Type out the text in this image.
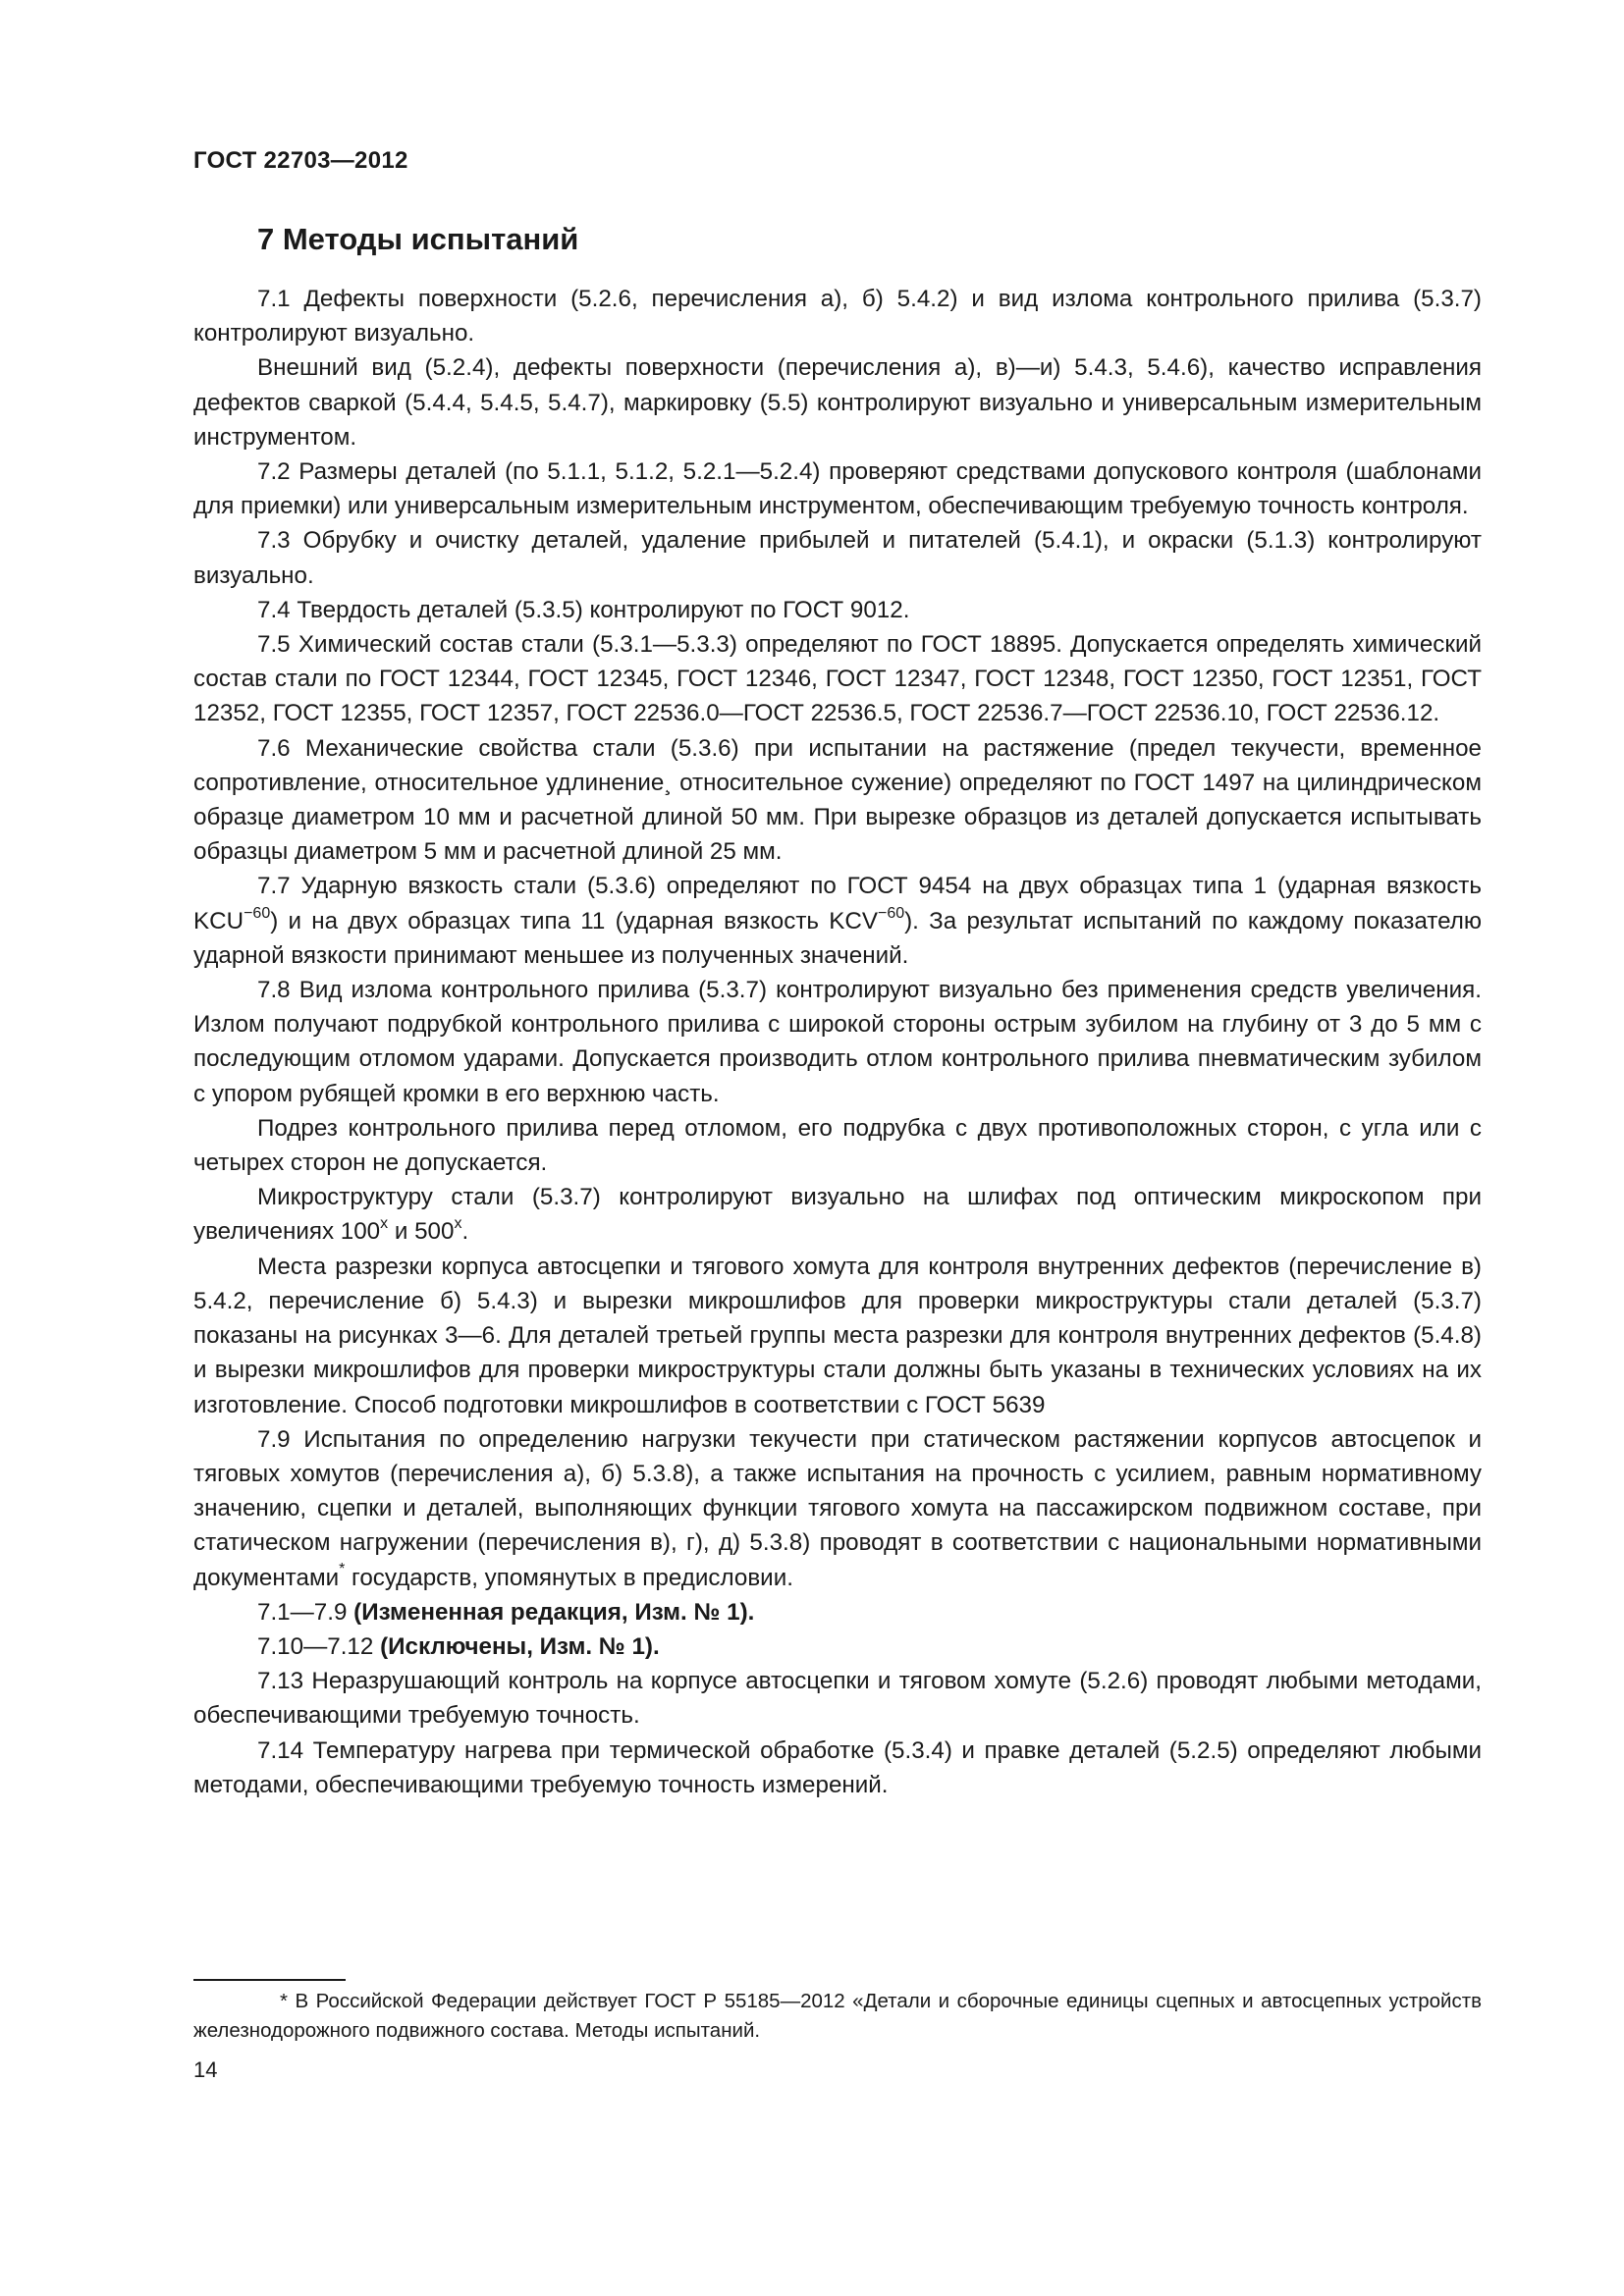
ГОСТ 22703—2012
7 Методы испытаний

7.1 Дефекты поверхности (5.2.6, перечисления а), б) 5.4.2) и вид излома контрольного прилива (5.3.7) контролируют визуально.

Внешний вид (5.2.4), дефекты поверхности (перечисления а), в)—и) 5.4.3, 5.4.6), качество исправления дефектов сваркой (5.4.4, 5.4.5, 5.4.7), маркировку (5.5) контролируют визуально и универсальным измерительным инструментом.

7.2 Размеры деталей (по 5.1.1, 5.1.2, 5.2.1—5.2.4) проверяют средствами допускового контроля (шаблонами для приемки) или универсальным измерительным инструментом, обеспечивающим требуемую точность контроля.

7.3 Обрубку и очистку деталей, удаление прибылей и питателей (5.4.1), и окраски (5.1.3) контролируют визуально.

7.4 Твердость деталей (5.3.5) контролируют по ГОСТ 9012.

7.5 Химический состав стали (5.3.1—5.3.3) определяют по ГОСТ 18895. Допускается определять химический состав стали по ГОСТ 12344, ГОСТ 12345, ГОСТ 12346, ГОСТ 12347, ГОСТ 12348, ГОСТ 12350, ГОСТ 12351, ГОСТ 12352, ГОСТ 12355, ГОСТ 12357, ГОСТ 22536.0—ГОСТ 22536.5, ГОСТ 22536.7—ГОСТ 22536.10, ГОСТ 22536.12.

7.6 Механические свойства стали (5.3.6) при испытании на растяжение (предел текучести, временное сопротивление, относительное удлинение¸ относительное сужение) определяют по ГОСТ 1497 на цилиндрическом образце диаметром 10 мм и расчетной длиной 50 мм. При вырезке образцов из деталей допускается испытывать образцы диаметром 5 мм и расчетной длиной 25 мм.

7.7 Ударную вязкость стали (5.3.6) определяют по ГОСТ 9454 на двух образцах типа 1 (ударная вязкость $KCU^{-60}$) и на двух образцах типа 11 (ударная вязкость $KCV^{-60}$). За результат испытаний по каждому показателю ударной вязкости принимают меньшее из полученных значений.

7.8 Вид излома контрольного прилива (5.3.7) контролируют визуально без применения средств увеличения. Излом получают подрубкой контрольного прилива с широкой стороны острым зубилом на глубину от 3 до 5 мм с последующим отломом ударами. Допускается производить отлом контрольного прилива пневматическим зубилом с упором рубящей кромки в его верхнюю часть.

Подрез контрольного прилива перед отломом, его подрубка с двух противоположных сторон, с угла или с четырех сторон не допускается.

Микроструктуру стали (5.3.7) контролируют визуально на шлифах под оптическим микроскопом при увеличениях 100$^x$ и 500$^x$.

Места разрезки корпуса автосцепки и тягового хомута для контроля внутренних дефектов (перечисление в) 5.4.2, перечисление б) 5.4.3) и вырезки микрошлифов для проверки микроструктуры стали деталей (5.3.7) показаны на рисунках 3—6. Для деталей третьей группы места разрезки для контроля внутренних дефектов (5.4.8) и вырезки микрошлифов для проверки микроструктуры стали должны быть указаны в технических условиях на их изготовление. Способ подготовки микрошлифов в соответствии с ГОСТ 5639

7.9 Испытания по определению нагрузки текучести при статическом растяжении корпусов автосцепок и тяговых хомутов (перечисления а), б) 5.3.8), а также испытания на прочность с усилием, равным нормативному значению, сцепки и деталей, выполняющих функции тягового хомута на пассажирском подвижном составе, при статическом нагружении (перечисления в), г), д) 5.3.8) проводят в соответствии с национальными нормативными документами* государств, упомянутых в предисловии.

7.1—7.9 (Измененная редакция, Изм. № 1).

7.10—7.12 (Исключены, Изм. № 1).

7.13 Неразрушающий контроль на корпусе автосцепки и тяговом хомуте (5.2.6) проводят любыми методами, обеспечивающими требуемую точность.

7.14 Температуру нагрева при термической обработке (5.3.4) и правке деталей (5.2.5) определяют любыми методами, обеспечивающими требуемую точность измерений.

* В Российской Федерации действует ГОСТ Р 55185—2012 «Детали и сборочные единицы сцепных и автосцепных устройств железнодорожного подвижного состава. Методы испытаний.

14
